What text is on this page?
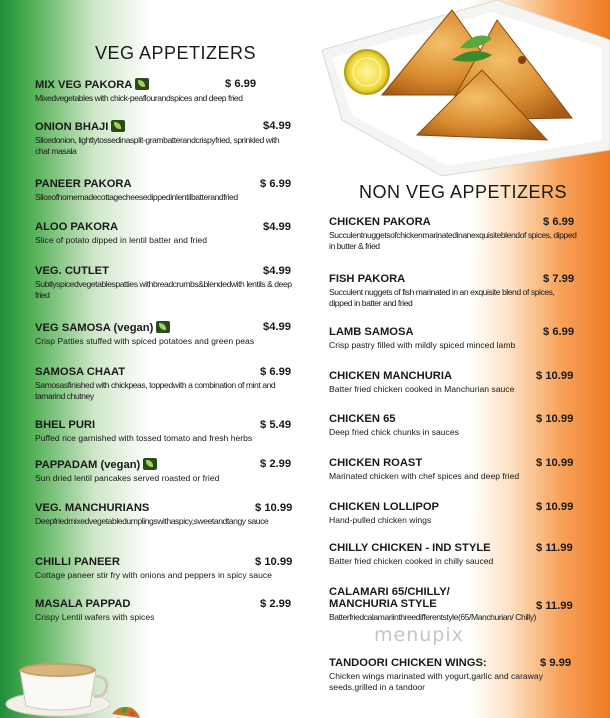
menupix
VEG APPETIZERS
MIX VEG PAKORA	$ 6.99
Mixedvegetables with chick-peaflourandspices and deep fried
ONION BHAJI	$4.99
Slicedonion, lightlytossedinasplit-grambatterandcrispyfried, sprinkled with chat masala
PANEER PAKORA	$ 6.99
Sliceofhomemadecottagecheesedippedinlentilbatterandfried
ALOO PAKORA	$4.99
Slice of potato dipped in lentil batter and fried
VEG. CUTLET	$4.99
Subtlyspicedvegetablespatties withbreadcrumbs&blendedwith lentils & deep fried
VEG SAMOSA (vegan)	$4.99
Crisp Patties stuffed with spiced potatoes and green peas
SAMOSA CHAAT	$ 6.99
Samosasfinished with chickpeas, toppedwith a combination of mint and tamarind chutney
BHEL PURI	$ 5.49
Puffed rice garnished with tossed tomato and fresh herbs
PAPPADAM (vegan)	$ 2.99
Sun dried lentil pancakes served roasted or fried
VEG. MANCHURIANS	$ 10.99
Deepfriedmixedvegetabledumplingswithaspicy,sweetandtangy sauce
CHILLI PANEER	$ 10.99
Cottage paneer stir fry with onions and peppers in spicy sauce
MASALA PAPPAD	$ 2.99
Crispy Lentil wafers with spices
NON VEG APPETIZERS
CHICKEN PAKORA	$ 6.99
Succulentnuggetsofchickenmarinatedinanexquisiteblendof spices, dipped in butter & fried
FISH PAKORA	$ 7.99
Succulent nuggets of fish marinated in an exquisite blend of spices, dipped in batter and fried
LAMB SAMOSA	$ 6.99
Crisp pastry filled with mildly spiced minced lamb
CHICKEN MANCHURIA	$ 10.99
Batter fried chicken cooked in Manchurian sauce
CHICKEN 65	$ 10.99
Deep fried chick chunks in sauces
CHICKEN ROAST	$ 10.99
Marinated chicken with chef spices and deep fried
CHICKEN LOLLIPOP	$ 10.99
Hand-pulled chicken wings
CHILLY CHICKEN - IND STYLE	$ 11.99
Batter fried chicken cooked in chilly sauced
CALAMARI 65/CHILLY/
MANCHURIA STYLE	$ 11.99
Batterfriedcalamariinthreedifferentstyle(65/Manchurian/ Chilly)
TANDOORI CHICKEN WINGS:	$ 9.99
Chicken wings marinated with yogurt,garlic and caraway seeds,grilled in a tandoor
